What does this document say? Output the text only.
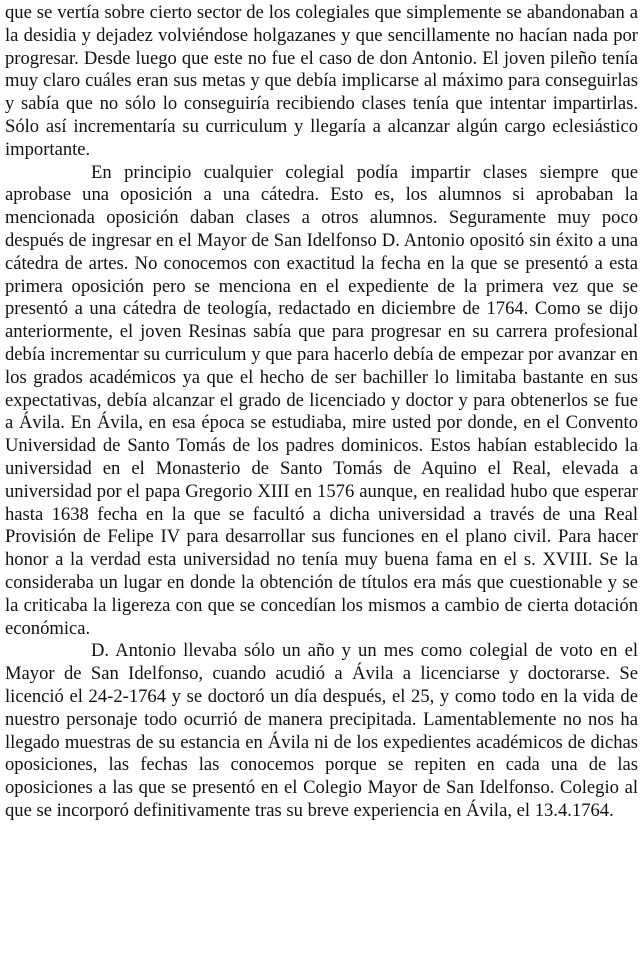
que se vertía sobre cierto sector de los colegiales que simplemente se abandonaban a la desidia y dejadez volviéndose holgazanes y que sencillamente no hacían nada por progresar. Desde luego que este no fue el caso de don Antonio. El joven pileño tenía muy claro cuáles eran sus metas y que debía implicarse al máximo para conseguirlas y sabía que no sólo lo conseguiría recibiendo clases tenía que intentar impartirlas. Sólo así incrementaría su curriculum y llegaría a alcanzar algún cargo eclesiástico importante.

En principio cualquier colegial podía impartir clases siempre que aprobase una oposición a una cátedra. Esto es, los alumnos si aprobaban la mencionada oposición daban clases a otros alumnos. Seguramente muy poco después de ingresar en el Mayor de San Idelfonso D. Antonio opositó sin éxito a una cátedra de artes. No conocemos con exactitud la fecha en la que se presentó a esta primera oposición pero se menciona en el expediente de la primera vez que se presentó a una cátedra de teología, redactado en diciembre de 1764. Como se dijo anteriormente, el joven Resinas sabía que para progresar en su carrera profesional debía incrementar su curriculum y que para hacerlo debía de empezar por avanzar en los grados académicos ya que el hecho de ser bachiller lo limitaba bastante en sus expectativas, debía alcanzar el grado de licenciado y doctor y para obtenerlos se fue a Ávila. En Ávila, en esa época se estudiaba, mire usted por donde, en el Convento Universidad de Santo Tomás de los padres dominicos. Estos habían establecido la universidad en el Monasterio de Santo Tomás de Aquino el Real, elevada a universidad por el papa Gregorio XIII en 1576 aunque, en realidad hubo que esperar hasta 1638 fecha en la que se facultó a dicha universidad a través de una Real Provisión de Felipe IV para desarrollar sus funciones en el plano civil. Para hacer honor a la verdad esta universidad no tenía muy buena fama en el s. XVIII. Se la consideraba un lugar en donde la obtención de títulos era más que cuestionable y se la criticaba la ligereza con que se concedían los mismos a cambio de cierta dotación económica.

D. Antonio llevaba sólo un año y un mes como colegial de voto en el Mayor de San Idelfonso, cuando acudió a Ávila a licenciarse y doctorarse. Se licenció el 24-2-1764 y se doctoró un día después, el 25, y como todo en la vida de nuestro personaje todo ocurrió de manera precipitada. Lamentablemente no nos ha llegado muestras de su estancia en Ávila ni de los expedientes académicos de dichas oposiciones, las fechas las conocemos porque se repiten en cada una de las oposiciones a las que se presentó en el Colegio Mayor de San Idelfonso. Colegio al que se incorporó definitivamente tras su breve experiencia en Ávila, el 13.4.1764.
